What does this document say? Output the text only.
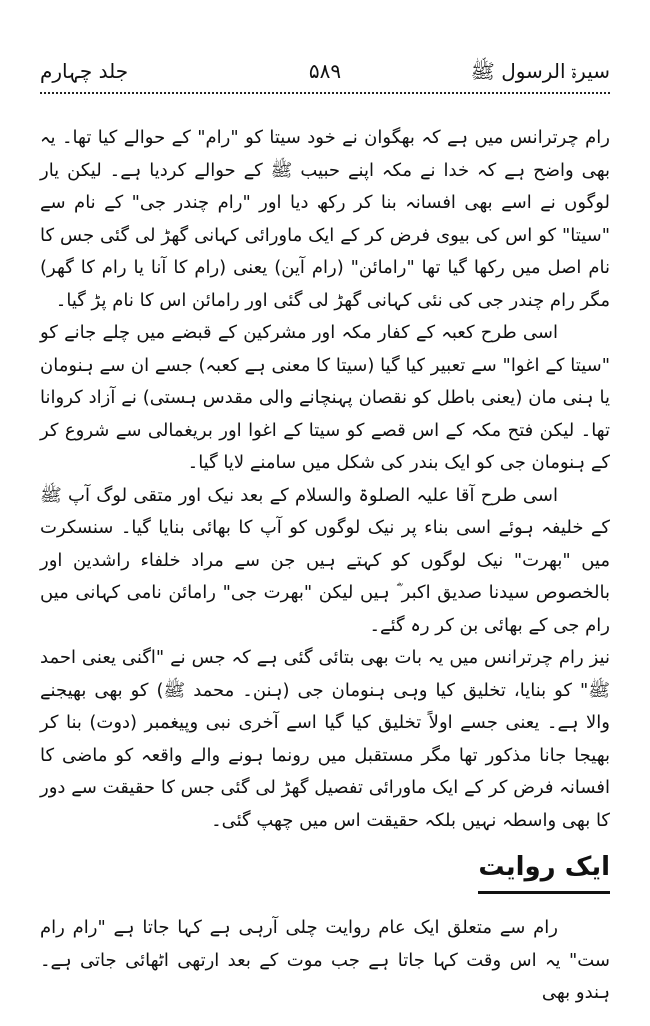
سیرۃ الرسول ﷺ
۵۸۹
جلد چہارم

رام چرترانس میں ہے کہ بھگوان نے خود سیتا کو "رام" کے حوالے کیا تھا۔ یہ بھی واضح ہے کہ خدا نے مکہ اپنے حبیب ﷺ کے حوالے کردیا ہے۔ لیکن یار لوگوں نے اسے بھی افسانہ بنا کر رکھ دیا اور "رام چندر جی" کے نام سے "سیتا" کو اس کی بیوی فرض کر کے ایک ماورائی کہانی گھڑ لی گئی جس کا نام اصل میں رکھا گیا تھا "رامائن" (رام آین) یعنی (رام کا آنا یا رام کا گھر) مگر رام چندر جی کی نئی کہانی گھڑ لی گئی اور رامائن اس کا نام پڑ گیا۔

اسی طرح کعبہ کے کفار مکہ اور مشرکین کے قبضے میں چلے جانے کو "سیتا کے اغوا" سے تعبیر کیا گیا (سیتا کا معنی ہے کعبہ) جسے ان سے ہنومان یا ہنی مان (یعنی باطل کو نقصان پہنچانے والی مقدس ہستی) نے آزاد کروانا تھا۔ لیکن فتح مکہ کے اس قصے کو سیتا کے اغوا اور بریغمالی سے شروع کر کے ہنومان جی کو ایک بندر کی شکل میں سامنے لایا گیا۔

اسی طرح آقا علیہ الصلوۃ والسلام کے بعد نیک اور متقی لوگ آپ ﷺ کے خلیفہ ہوئے اسی بناء پر نیک لوگوں کو آپ کا بھائی بنایا گیا۔ سنسکرت میں "بھرت" نیک لوگوں کو کہتے ہیں جن سے مراد خلفاء راشدین اور بالخصوص سیدنا صدیق اکبر ؓ ہیں لیکن "بھرت جی" رامائن نامی کہانی میں رام جی کے بھائی بن کر رہ گئے۔

نیز رام چرترانس میں یہ بات بھی بتائی گئی ہے کہ جس نے "اگنی یعنی احمد ﷺ" کو بنایا، تخلیق کیا وہی ہنومان جی (ہنن۔ محمد ﷺ) کو بھی بھیجنے والا ہے۔ یعنی جسے اولاً تخلیق کیا گیا اسے آخری نبی وپیغمبر (دوت) بنا کر بھیجا جانا مذکور تھا مگر مستقبل میں رونما ہونے والے واقعہ کو ماضی کا افسانہ فرض کر کے ایک ماورائی تفصیل گھڑ لی گئی جس کا حقیقت سے دور کا بھی واسطہ نہیں بلکہ حقیقت اس میں چھپ گئی۔

ایک روایت

رام سے متعلق ایک عام روایت چلی آرہی ہے کہا جاتا ہے "رام رام ست" یہ اس وقت کہا جاتا ہے جب موت کے بعد ارتھی اٹھائی جاتی ہے۔ ہندو بھی
